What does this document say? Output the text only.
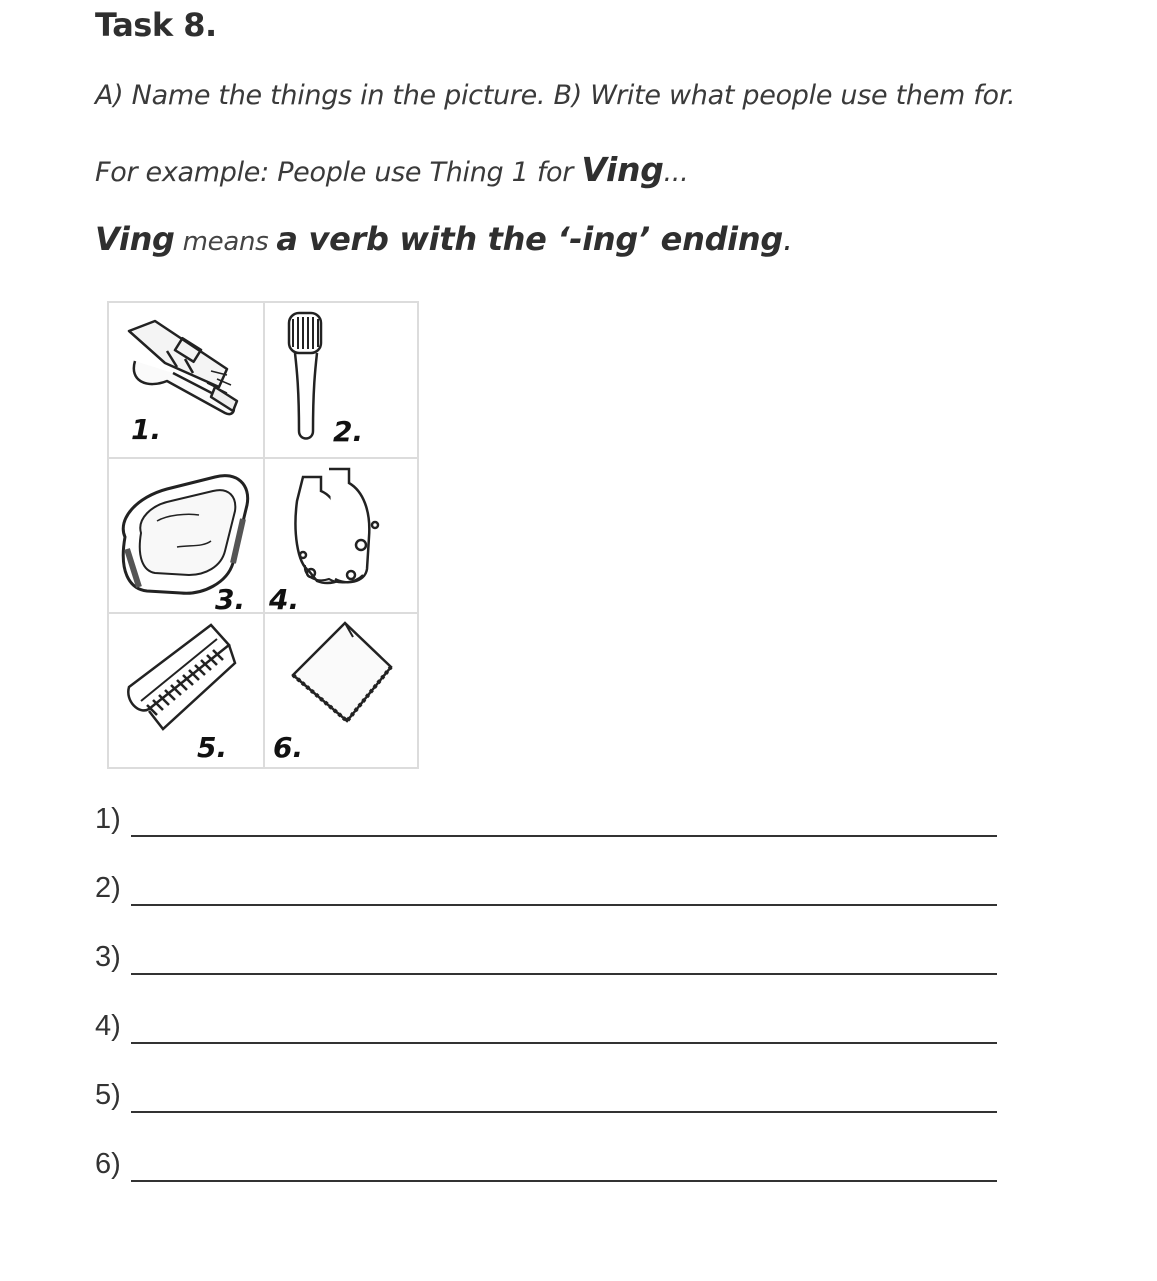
Task 8.
A) Name the things in the picture. B) Write what people use them for.
For example: People use Thing 1 for Ving...
Ving means a verb with the ‘-ing’ ending.
1.	2.
3. 4.
5. 6.
1)
2)
3)
4)
5)
6)
